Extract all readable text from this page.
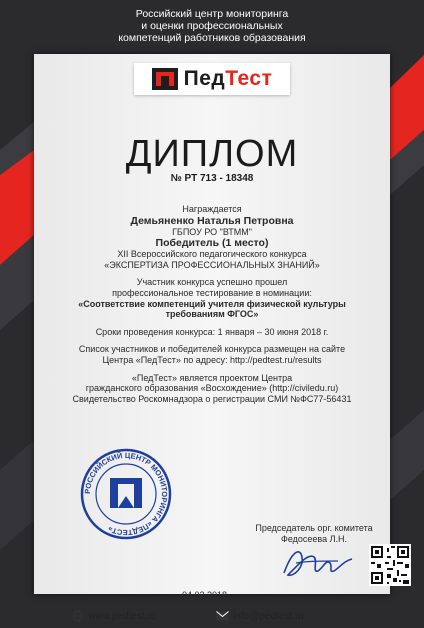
Российский центр мониторинга
и оценки профессиональных
компетенций работников образования
ПедТест
ДИПЛОМ
№ РТ 713 - 18348
Награждается
Демьяненко Наталья Петровна
ГБПОУ РО "ВТММ"
Победитель (1 место)
XII Всероссийского педагогического конкурса
«ЭКСПЕРТИЗА ПРОФЕССИОНАЛЬНЫХ ЗНАНИЙ»
Участник конкурса успешно прошел
профессиональное тестирование в номинации:
«Соответствие компетенций учителя физической культуры
требованиям ФГОС»
Сроки проведения конкурса: 1 января – 30 июня 2018 г.
Список участников и победителей конкурса размещен на сайте
Центра «ПедТест» по адресу: http://pedtest.ru/results
«ПедТест» является проектом Центра
гражданского образования «Восхождение» (http://civiledu.ru)
Свидетельство Роскомнадзора о регистрации СМИ №ФС77-56431
РОССИЙСКИЙ ЦЕНТР МОНИТОРИНГА «ПЕДТЕСТ»	Председатель орг. комитета
Федосеева Л.Н.
04.02.2018
www.pedtest.ru	info@pedtest.ru
